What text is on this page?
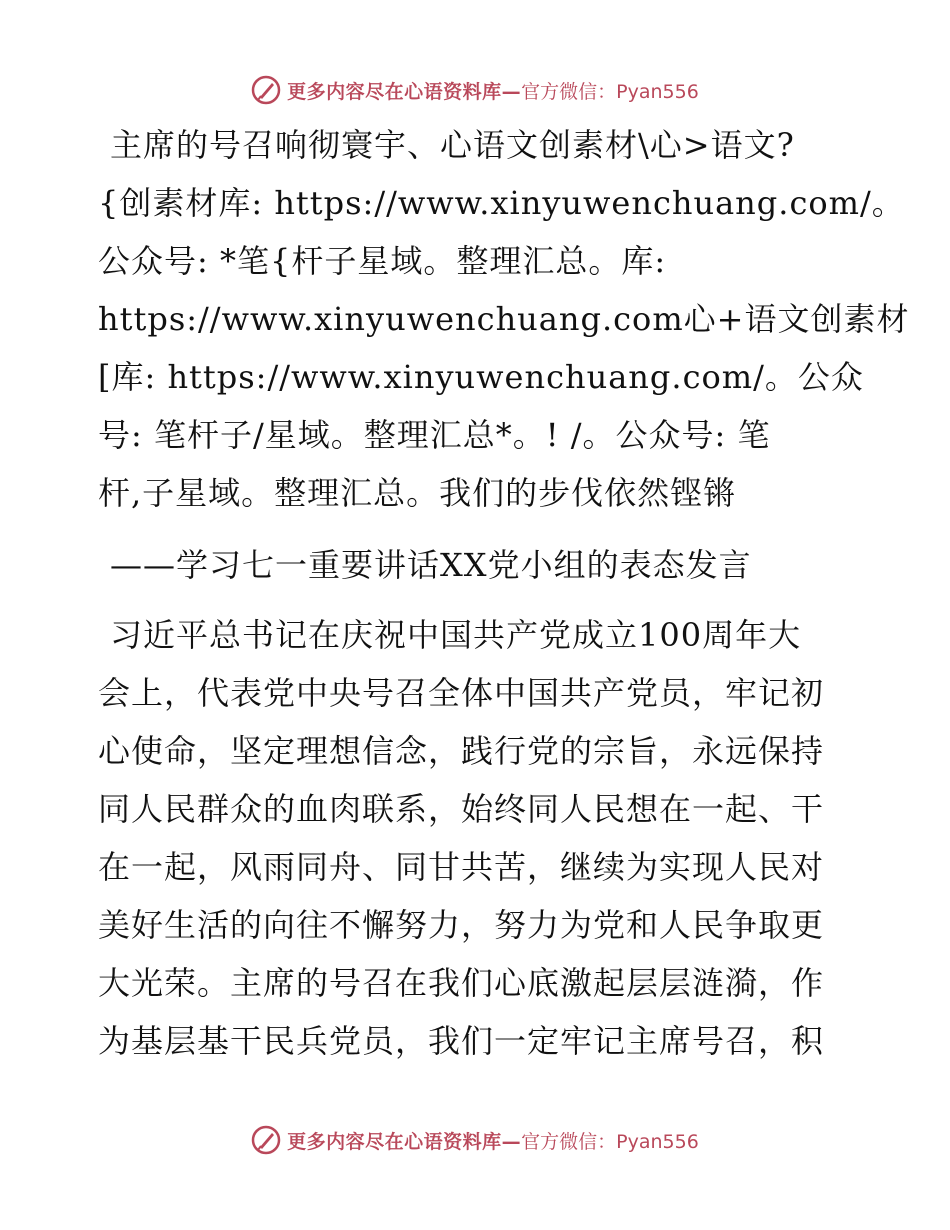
更多内容尽在心语资料库— 官方微信：Pyan556
主席的号召响彻寰宇、心语文创素材\心>语文?
{创素材库: https://www.xinyuwenchuang.com/。
公众号: *笔{杆子星域。整理汇总。库:
https://www.xinyuwenchuang.com心+语文创素材
[库: https://www.xinyuwenchuang.com/。公众
号: 笔杆子/星域。整理汇总*。! /。公众号: 笔
杆,子星域。整理汇总。我们的步伐依然铿锵
——学习七一重要讲话XX党小组的表态发言
习近平总书记在庆祝中国共产党成立100周年大
会上，代表党中央号召全体中国共产党员，牢记初
心使命，坚定理想信念，践行党的宗旨，永远保持
同人民群众的血肉联系，始终同人民想在一起、干
在一起，风雨同舟、同甘共苦，继续为实现人民对
美好生活的向往不懈努力，努力为党和人民争取更
大光荣。主席的号召在我们心底激起层层涟漪，作
为基层基干民兵党员，我们一定牢记主席号召，积
更多内容尽在心语资料库— 官方微信：Pyan556
